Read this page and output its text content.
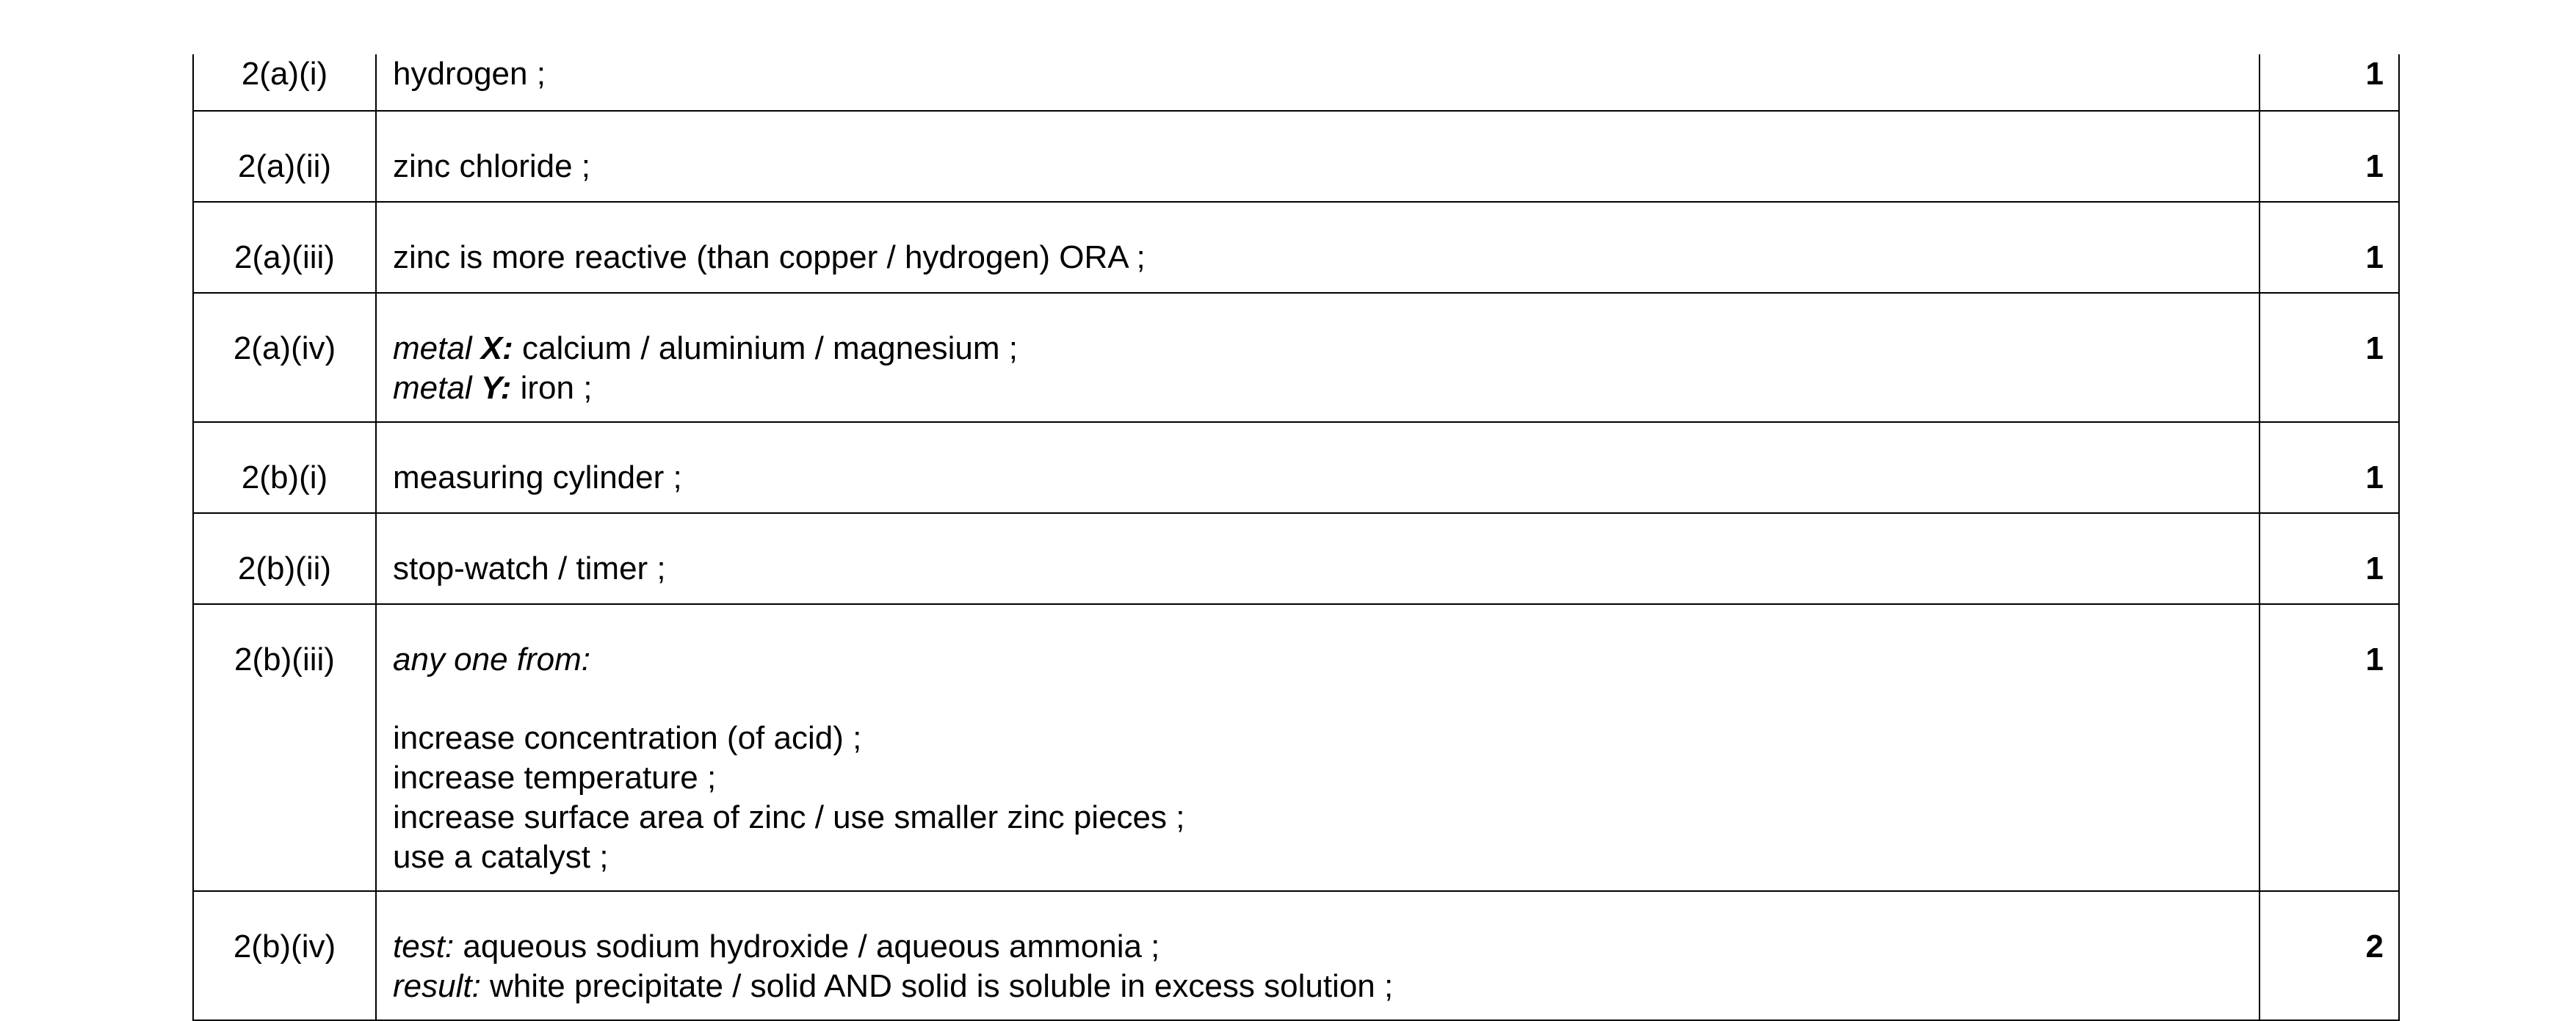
2(a)(i)	hydrogen ;	1
2(a)(ii)	zinc chloride ;	1
2(a)(iii)	zinc is more reactive (than copper / hydrogen) ORA ;	1
2(a)(iv)	metal X: calcium / aluminium / magnesium ;
metal Y: iron ;	1
2(b)(i)	measuring cylinder ;	1
2(b)(ii)	stop-watch / timer ;	1
2(b)(iii)	any one from:
increase concentration (of acid) ;
increase temperature ;
increase surface area of zinc / use smaller zinc pieces ;
use a catalyst ;	1
2(b)(iv)	test: aqueous sodium hydroxide / aqueous ammonia ;
result: white precipitate / solid AND solid is soluble in excess solution ;	2
